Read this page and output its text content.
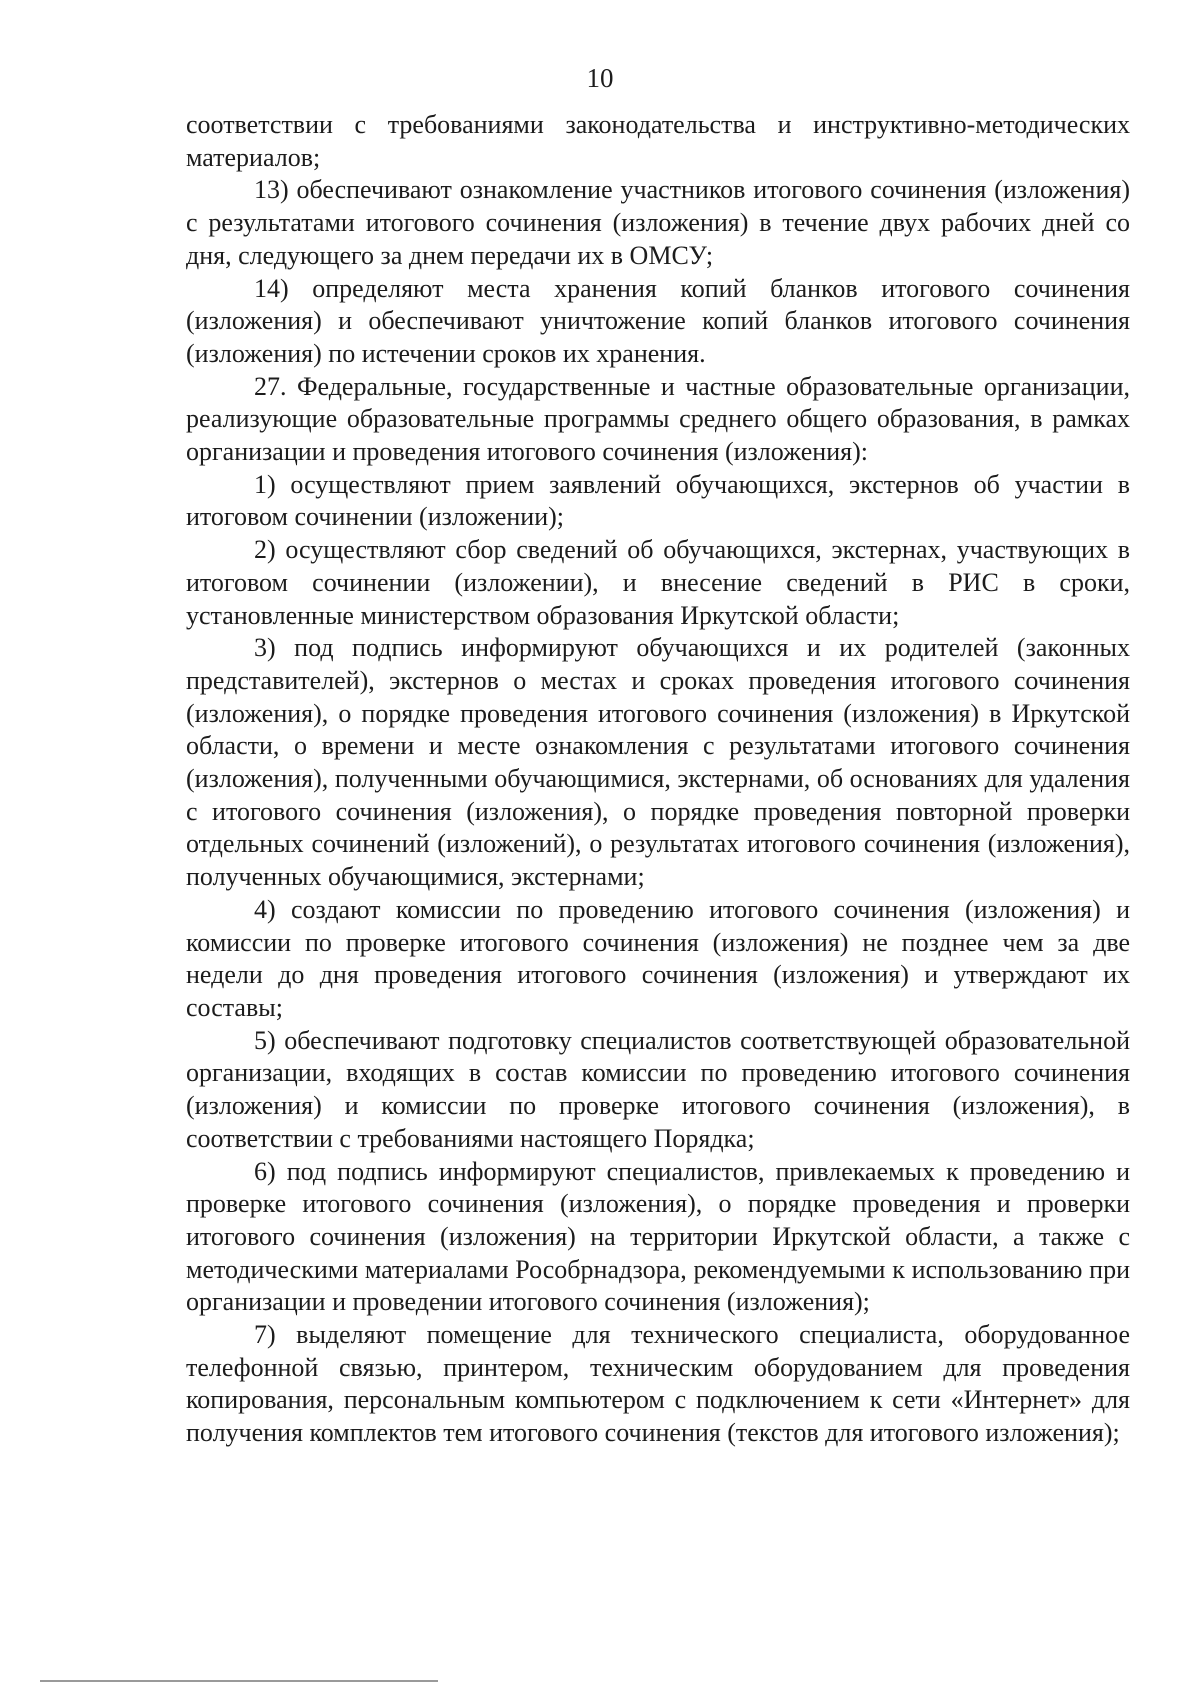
10

соответствии с требованиями законодательства и инструктивно-методических материалов;

13) обеспечивают ознакомление участников итогового сочинения (изложения) с результатами итогового сочинения (изложения) в течение двух рабочих дней со дня, следующего за днем передачи их в ОМСУ;

14) определяют места хранения копий бланков итогового сочинения (изложения) и обеспечивают уничтожение копий бланков итогового сочинения (изложения) по истечении сроков их хранения.

27. Федеральные, государственные и частные образовательные организации, реализующие образовательные программы среднего общего образования, в рамках организации и проведения итогового сочинения (изложения):

1) осуществляют прием заявлений обучающихся, экстернов об участии в итоговом сочинении (изложении);

2) осуществляют сбор сведений об обучающихся, экстернах, участвующих в итоговом сочинении (изложении), и внесение сведений в РИС в сроки, установленные министерством образования Иркутской области;

3) под подпись информируют обучающихся и их родителей (законных представителей), экстернов о местах и сроках проведения итогового сочинения (изложения), о порядке проведения итогового сочинения (изложения) в Иркутской области, о времени и месте ознакомления с результатами итогового сочинения (изложения), полученными обучающимися, экстернами, об основаниях для удаления с итогового сочинения (изложения), о порядке проведения повторной проверки отдельных сочинений (изложений), о результатах итогового сочинения (изложения), полученных обучающимися, экстернами;

4) создают комиссии по проведению итогового сочинения (изложения) и комиссии по проверке итогового сочинения (изложения) не позднее чем за две недели до дня проведения итогового сочинения (изложения) и утверждают их составы;

5) обеспечивают подготовку специалистов соответствующей образовательной организации, входящих в состав комиссии по проведению итогового сочинения (изложения) и комиссии по проверке итогового сочинения (изложения), в соответствии с требованиями настоящего Порядка;

6) под подпись информируют специалистов, привлекаемых к проведению и проверке итогового сочинения (изложения), о порядке проведения и проверки итогового сочинения (изложения) на территории Иркутской области, а также с методическими материалами Рособрнадзора, рекомендуемыми к использованию при организации и проведении итогового сочинения (изложения);

7) выделяют помещение для технического специалиста, оборудованное телефонной связью, принтером, техническим оборудованием для проведения копирования, персональным компьютером с подключением к сети «Интернет» для получения комплектов тем итогового сочинения (текстов для итогового изложения);
